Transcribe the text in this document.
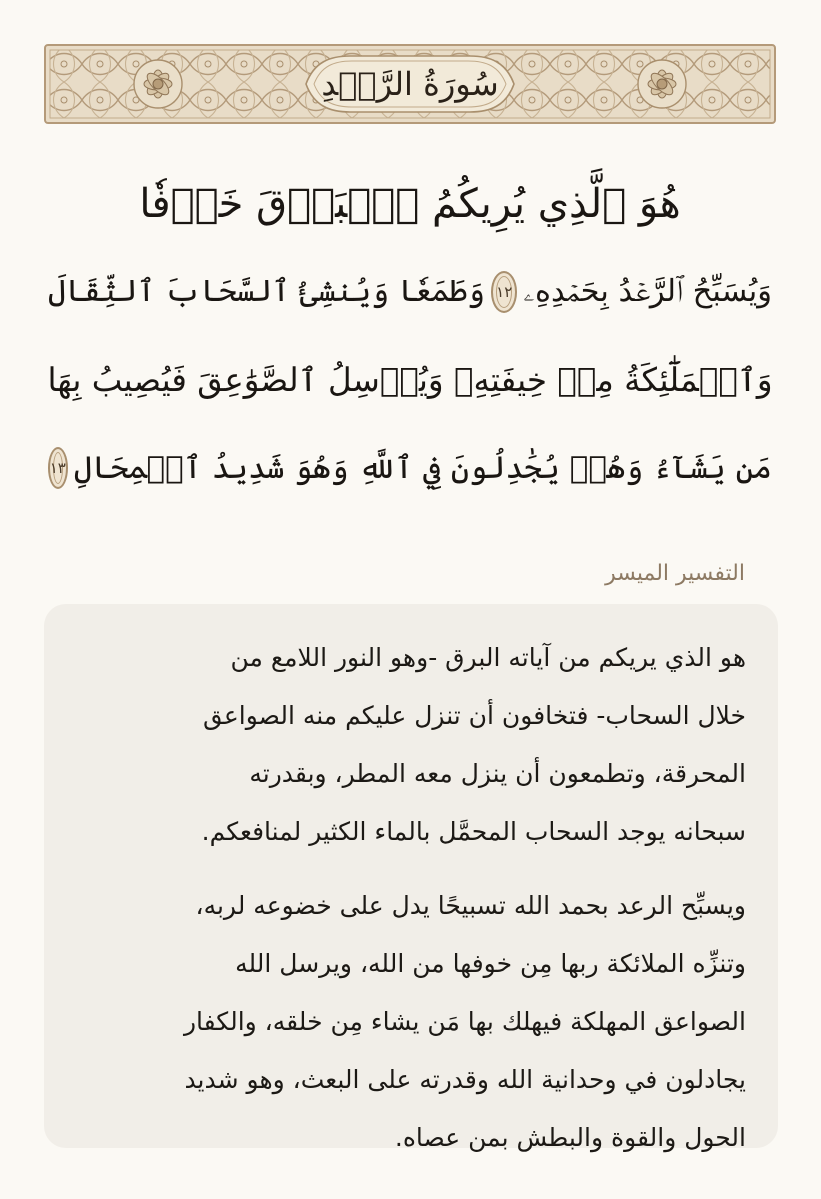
سُورَةُ الرَّعۡدِ
هُوَ ٱلَّذِي يُرِيكُمُ ٱلۡبَرۡقَ خَوۡفٗا
وَيُسَبِّحُ ٱلرَّعۡدُ بِحَمۡدِهِۦ
١٢
وَطَمَعٗا وَيُنشِئُ ٱلسَّحَابَ ٱلثِّقَالَ
وَٱلۡمَلَٰٓئِكَةُ مِنۡ خِيفَتِهِۦ وَيُرۡسِلُ ٱلصَّوَٰعِقَ فَيُصِيبُ بِهَا
مَن يَشَآءُ وَهُمۡ يُجَٰدِلُونَ فِي ٱللَّهِ وَهُوَ شَدِيدُ ٱلۡمِحَالِ
١٣
التفسير الميسر
هو الذي يريكم من آياته البرق -وهو النور اللامع من
خلال السحاب- فتخافون أن تنزل عليكم منه الصواعق
المحرقة، وتطمعون أن ينزل معه المطر، وبقدرته
سبحانه يوجد السحاب المحمَّل بالماء الكثير لمنافعكم.
ويسبِّح الرعد بحمد الله تسبيحًا يدل على خضوعه لربه،
وتنزِّه الملائكة ربها مِن خوفها من الله، ويرسل الله
الصواعق المهلكة فيهلك بها مَن يشاء مِن خلقه، والكفار
يجادلون في وحدانية الله وقدرته على البعث، وهو شديد
الحول والقوة والبطش بمن عصاه.
